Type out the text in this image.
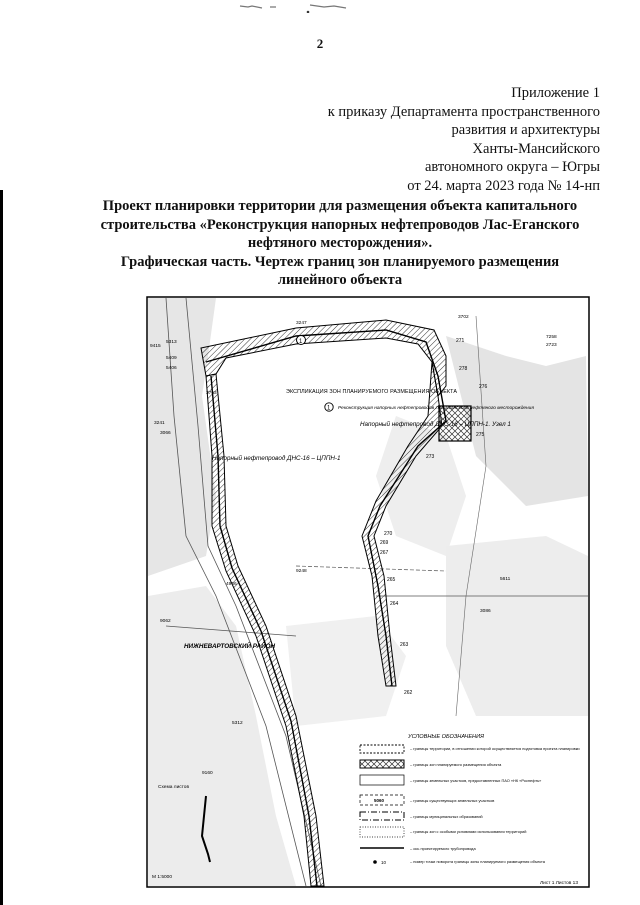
2
Приложение 1
к приказу Департамента пространственного
развития и архитектуры
Ханты-Мансийского
автономного округа – Югры
от 24. марта 2023 года № 14-нп
Проект планировки территории для размещения объекта капитального
строительства «Реконструкция напорных нефтепроводов Лас-Еганского
нефтяного месторождения».
Графическая часть. Чертеж границ зон планируемого размещения
линейного объекта
1
ЭКСПЛИКАЦИЯ ЗОН ПЛАНИРУЕМОГО РАЗМЕЩЕНИЯ ОБЪЕКТА
1 Реконструкция напорных нефтепроводов Лас-Еганского нефтяного месторождения
Напорный нефтепровод ДНС-16 – ЦППН-1. Узел 1
Напорный нефтепровод ДНС-16 – ЦППН-1
НИЖНЕВАРТОВСКИЙ РАЙОН
271
276
278
275
273
270
269
267
265
264
263
262
3702
3247
9415
5313
5409
5406
4966
7258
2723
3763
9248
3241
3086
5611
5312
9160
9062
3066
УСЛОВНЫЕ ОБОЗНАЧЕНИЯ
– границы территории, в отношении которой осуществляется подготовка проекта планировки
– границы зон планируемого размещения объекта
– границы земельных участков, предоставленных ПАО «НК «Роснефть»
5060	– границы существующих земельных участков
– границы муниципальных образований
– границы зон с особыми условиями использования территорий
– ось проектируемого трубопровода
10	– номер точки поворота границы зоны планируемого размещения объекта
Схема листов
М 1:5000
Лист 1 Листов 13
